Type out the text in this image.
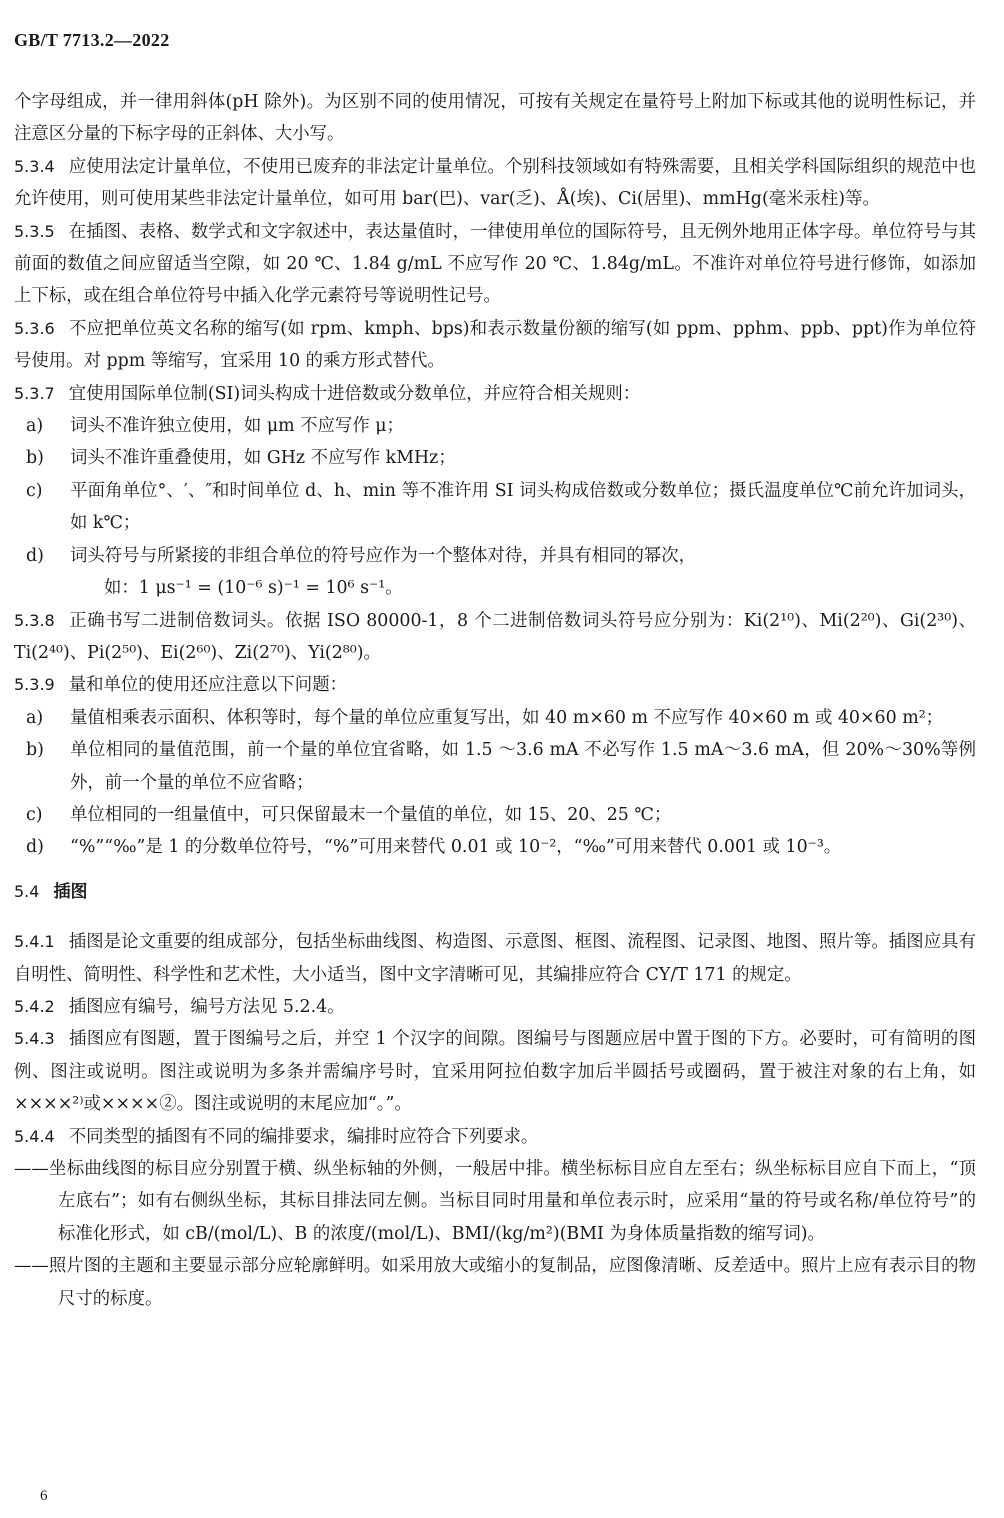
GB/T 7713.2—2022

个字母组成，并一律用斜体(pH 除外)。为区别不同的使用情况，可按有关规定在量符号上附加下标或其他的说明性标记，并注意区分量的下标字母的正斜体、大小写。

5.3.4 应使用法定计量单位，不使用已废弃的非法定计量单位。个别科技领域如有特殊需要，且相关学科国际组织的规范中也允许使用，则可使用某些非法定计量单位，如可用 bar(巴)、var(乏)、Å(埃)、Ci(居里)、mmHg(毫米汞柱)等。

5.3.5 在插图、表格、数学式和文字叙述中，表达量值时，一律使用单位的国际符号，且无例外地用正体字母。单位符号与其前面的数值之间应留适当空隙，如 20 ℃、1.84 g/mL 不应写作 20 ℃、1.84g/mL。不准许对单位符号进行修饰，如添加上下标，或在组合单位符号中插入化学元素符号等说明性记号。

5.3.6 不应把单位英文名称的缩写(如 rpm、kmph、bps)和表示数量份额的缩写(如 ppm、pphm、ppb、ppt)作为单位符号使用。对 ppm 等缩写，宜采用 10 的乘方形式替代。

5.3.7 宜使用国际单位制(SI)词头构成十进倍数或分数单位，并应符合相关规则：

a) 词头不准许独立使用，如 μm 不应写作 μ；

b) 词头不准许重叠使用，如 GHz 不应写作 kMHz；

c) 平面角单位°、′、″和时间单位 d、h、min 等不准许用 SI 词头构成倍数或分数单位；摄氏温度单位℃前允许加词头，如 k℃；

d) 词头符号与所紧接的非组合单位的符号应作为一个整体对待，并具有相同的幂次，

如：1 μs⁻¹ = (10⁻⁶ s)⁻¹ = 10⁶ s⁻¹。

5.3.8 正确书写二进制倍数词头。依据 ISO 80000-1，8 个二进制倍数词头符号应分别为：Ki(2¹⁰)、Mi(2²⁰)、Gi(2³⁰)、Ti(2⁴⁰)、Pi(2⁵⁰)、Ei(2⁶⁰)、Zi(2⁷⁰)、Yi(2⁸⁰)。

5.3.9 量和单位的使用还应注意以下问题：

a) 量值相乘表示面积、体积等时，每个量的单位应重复写出，如 40 m×60 m 不应写作 40×60 m 或 40×60 m²；

b) 单位相同的量值范围，前一个量的单位宜省略，如 1.5 ～3.6 mA 不必写作 1.5 mA～3.6 mA，但 20%～30%等例外，前一个量的单位不应省略；

c) 单位相同的一组量值中，可只保留最末一个量值的单位，如 15、20、25 ℃；

d) “%”“‰”是 1 的分数单位符号，“%”可用来替代 0.01 或 10⁻²，“‰”可用来替代 0.001 或 10⁻³。

5.4 插图

5.4.1 插图是论文重要的组成部分，包括坐标曲线图、构造图、示意图、框图、流程图、记录图、地图、照片等。插图应具有自明性、简明性、科学性和艺术性，大小适当，图中文字清晰可见，其编排应符合 CY/T 171 的规定。

5.4.2 插图应有编号，编号方法见 5.2.4。

5.4.3 插图应有图题，置于图编号之后，并空 1 个汉字的间隙。图编号与图题应居中置于图的下方。必要时，可有简明的图例、图注或说明。图注或说明为多条并需编序号时，宜采用阿拉伯数字加后半圆括号或圈码，置于被注对象的右上角，如××××²⁾或××××②。图注或说明的末尾应加“。”。

5.4.4 不同类型的插图有不同的编排要求，编排时应符合下列要求。

——坐标曲线图的标目应分别置于横、纵坐标轴的外侧，一般居中排。横坐标标目应自左至右；纵坐标标目应自下而上，“顶左底右”；如有右侧纵坐标，其标目排法同左侧。当标目同时用量和单位表示时，应采用“量的符号或名称/单位符号”的标准化形式，如 cB/(mol/L)、B 的浓度/(mol/L)、BMI/(kg/m²)(BMI 为身体质量指数的缩写词)。

——照片图的主题和主要显示部分应轮廓鲜明。如采用放大或缩小的复制品，应图像清晰、反差适中。照片上应有表示目的物尺寸的标度。

6
